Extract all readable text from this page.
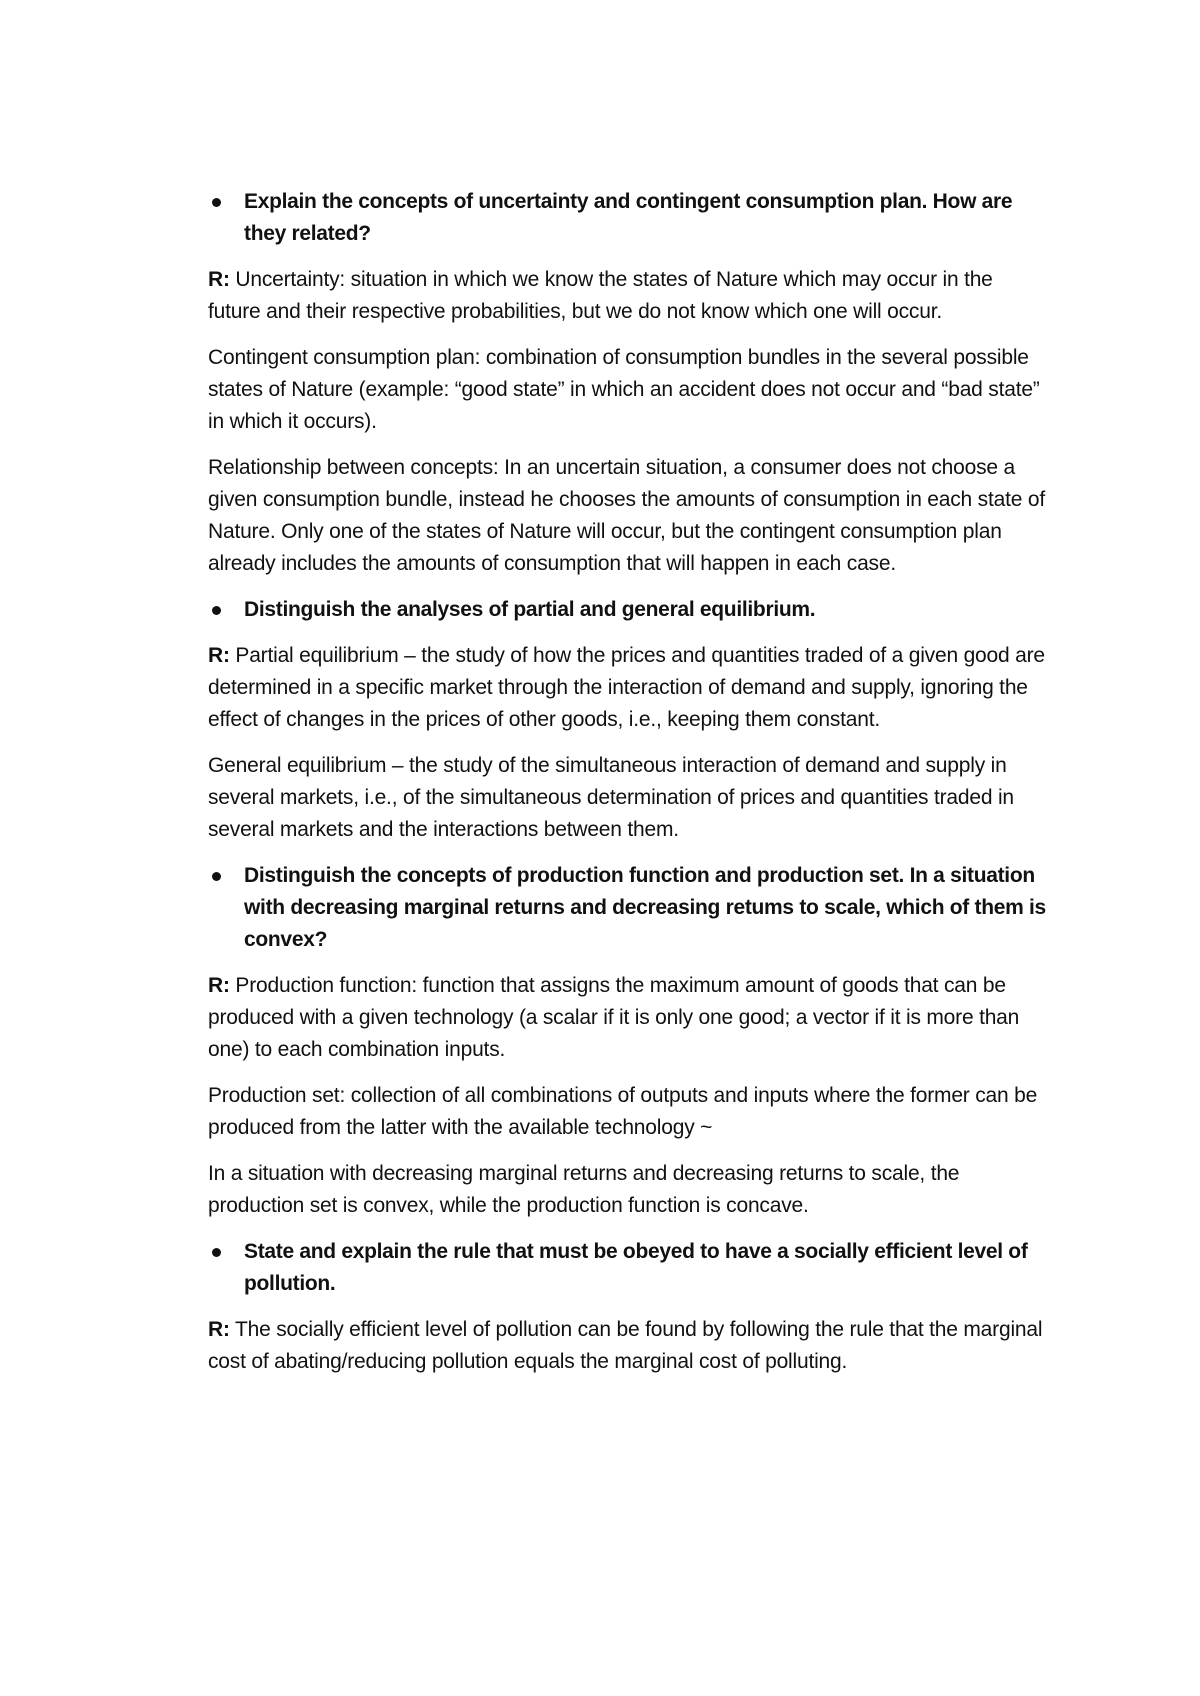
Explain the concepts of uncertainty and contingent consumption plan. How are they related?

R: Uncertainty: situation in which we know the states of Nature which may occur in the future and their respective probabilities, but we do not know which one will occur.

Contingent consumption plan: combination of consumption bundles in the several possible states of Nature (example: “good state” in which an accident does not occur and “bad state” in which it occurs).

Relationship between concepts: In an uncertain situation, a consumer does not choose a given consumption bundle, instead he chooses the amounts of consumption in each state of Nature. Only one of the states of Nature will occur, but the contingent consumption plan already includes the amounts of consumption that will happen in each case.

Distinguish the analyses of partial and general equilibrium.

R: Partial equilibrium – the study of how the prices and quantities traded of a given good are determined in a specific market through the interaction of demand and supply, ignoring the effect of changes in the prices of other goods, i.e., keeping them constant.

General equilibrium – the study of the simultaneous interaction of demand and supply in several markets, i.e., of the simultaneous determination of prices and quantities traded in several markets and the interactions between them.

Distinguish the concepts of production function and production set. In a situation with decreasing marginal returns and decreasing retums to scale, which of them is convex?

R: Production function: function that assigns the maximum amount of goods that can be produced with a given technology (a scalar if it is only one good; a vector if it is more than one) to each combination inputs.

Production set: collection of all combinations of outputs and inputs where the former can be produced from the latter with the available technology ~

In a situation with decreasing marginal returns and decreasing returns to scale, the production set is convex, while the production function is concave.

State and explain the rule that must be obeyed to have a socially efficient level of pollution.

R: The socially efficient level of pollution can be found by following the rule that the marginal cost of abating/reducing pollution equals the marginal cost of polluting.
